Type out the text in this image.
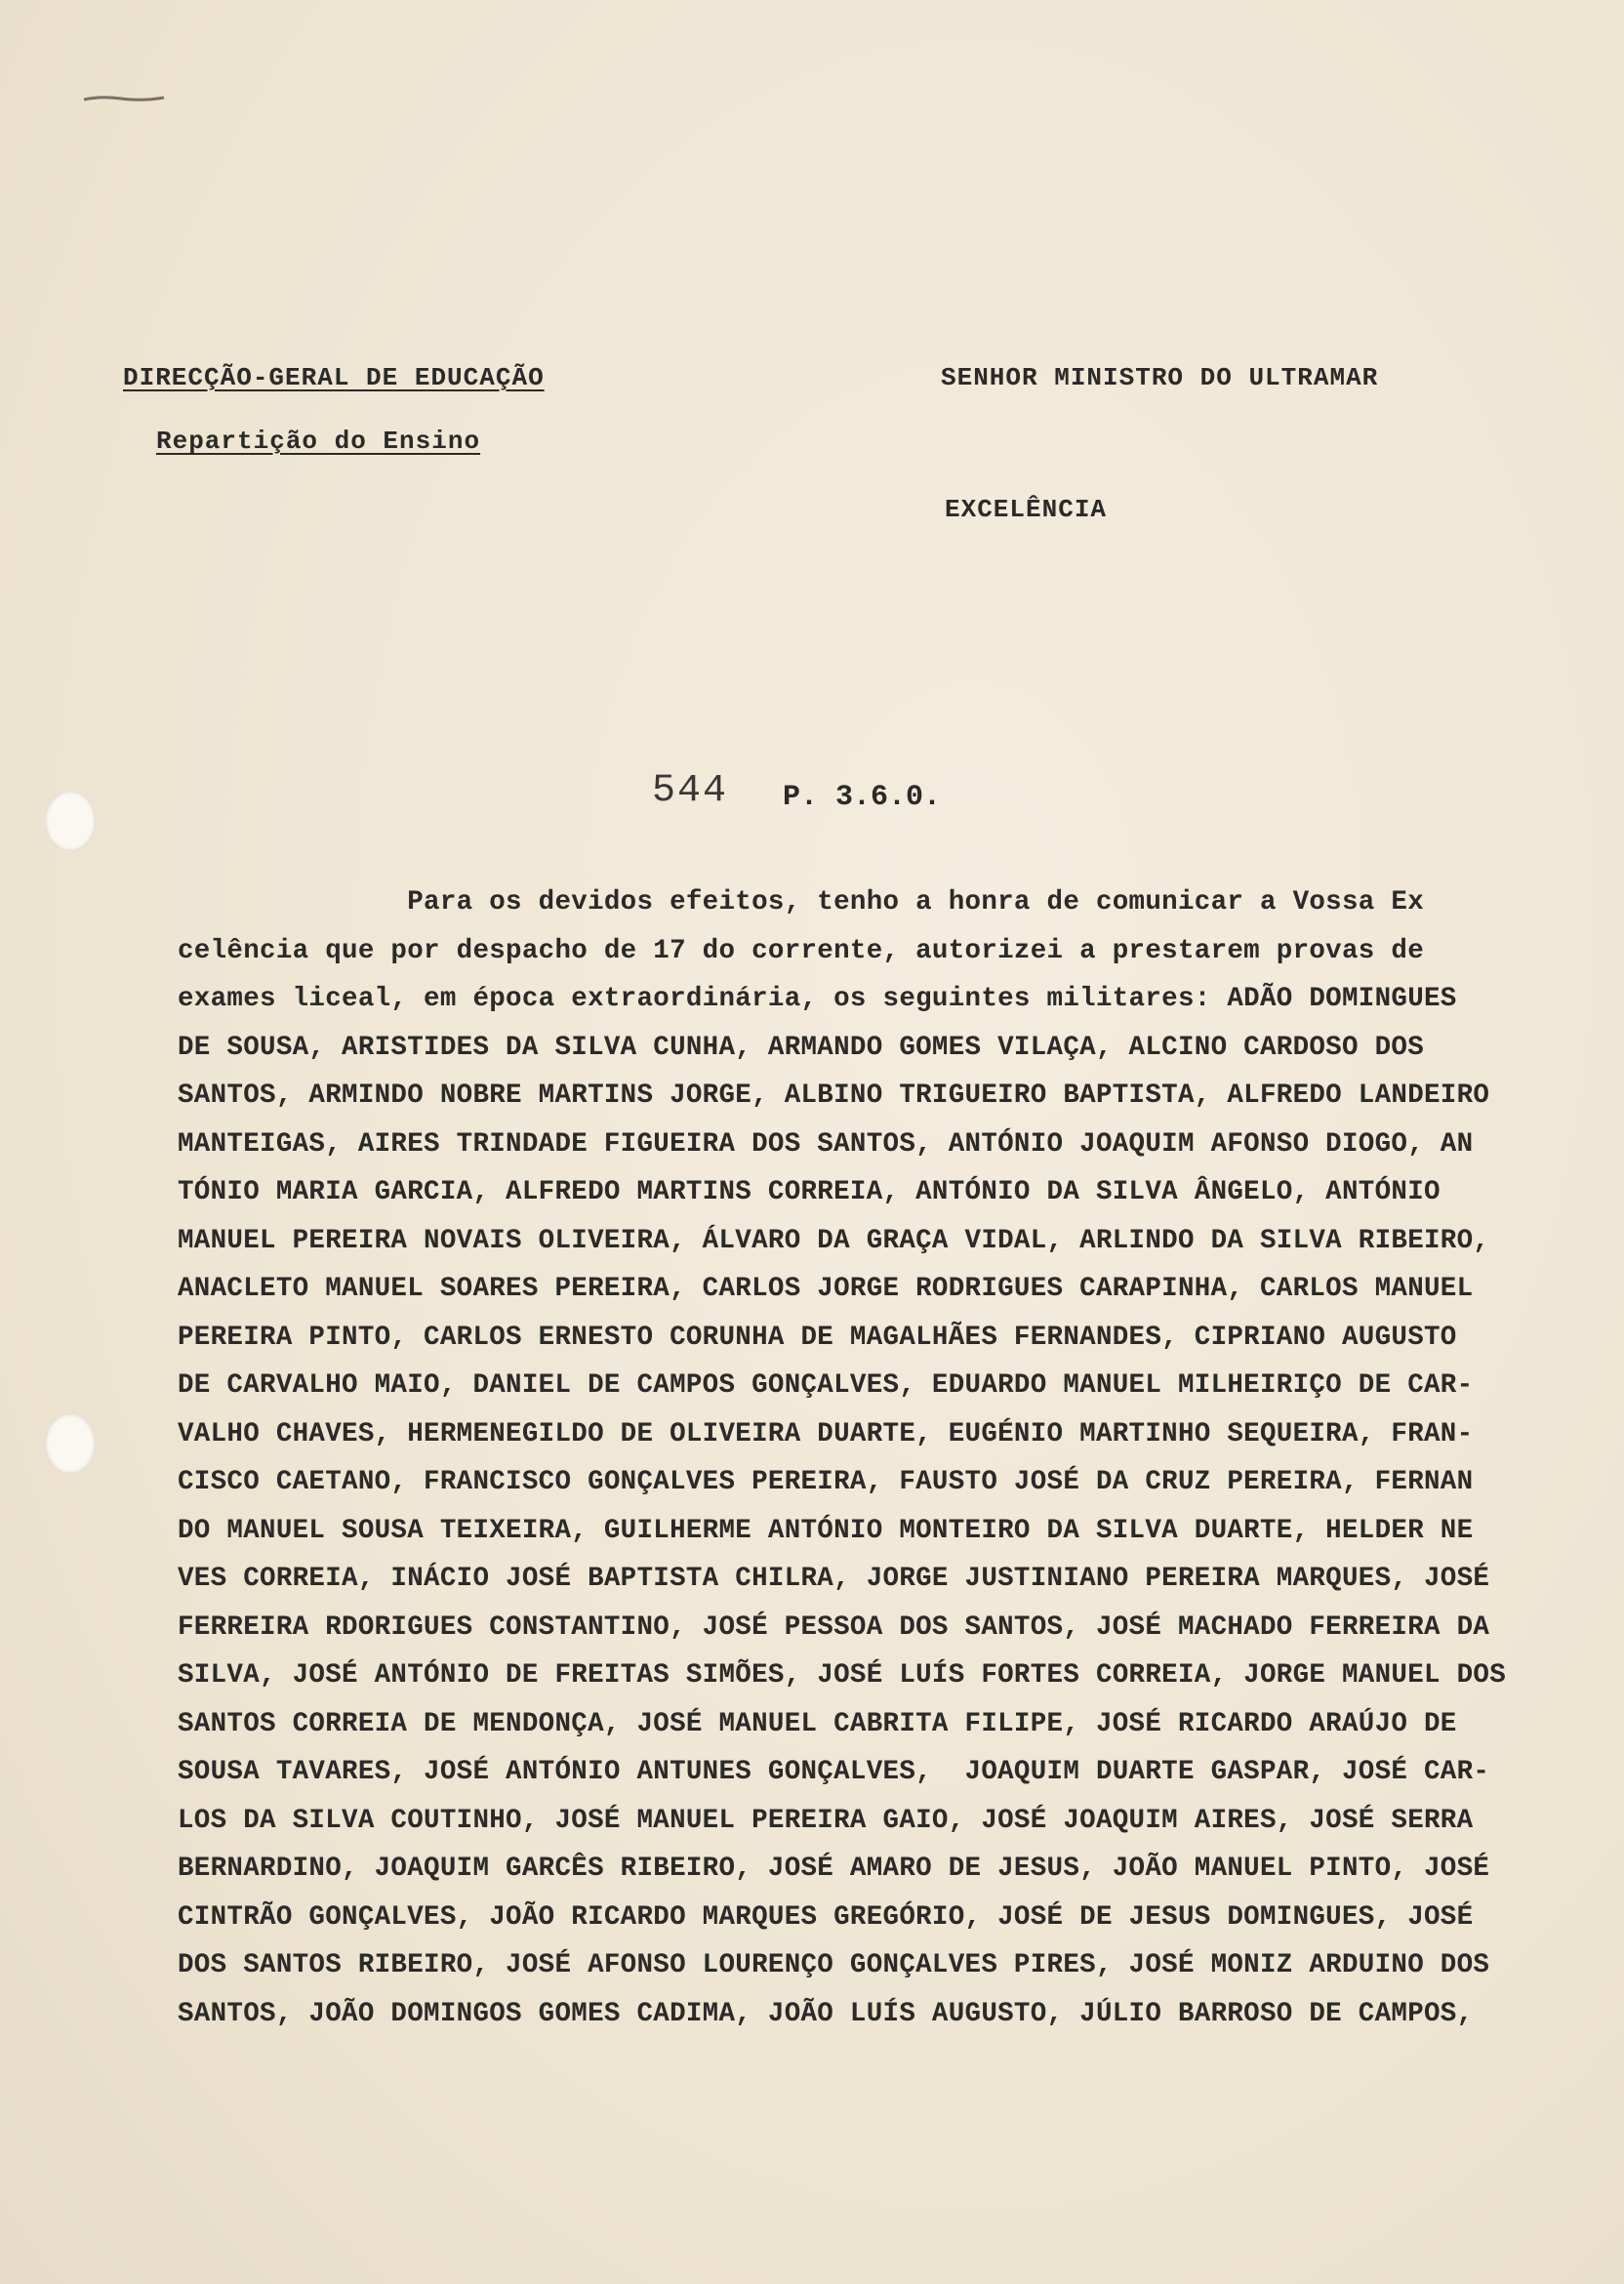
DIRECÇÃO-GERAL DE EDUCAÇÃO
Repartição do Ensino
SENHOR MINISTRO DO ULTRAMAR
EXCELÊNCIA
544 P. 3.6.0.
Para os devidos efeitos, tenho a honra de comunicar a Vossa Ex
celência que por despacho de 17 do corrente, autorizei a prestarem provas de
exames liceal, em época extraordinária, os seguintes militares: ADÃO DOMINGUES
DE SOUSA, ARISTIDES DA SILVA CUNHA, ARMANDO GOMES VILAÇA, ALCINO CARDOSO DOS
SANTOS, ARMINDO NOBRE MARTINS JORGE, ALBINO TRIGUEIRO BAPTISTA, ALFREDO LANDEIRO
MANTEIGAS, AIRES TRINDADE FIGUEIRA DOS SANTOS, ANTÓNIO JOAQUIM AFONSO DIOGO, AN
TÓNIO MARIA GARCIA, ALFREDO MARTINS CORREIA, ANTÓNIO DA SILVA ÂNGELO, ANTÓNIO
MANUEL PEREIRA NOVAIS OLIVEIRA, ÁLVARO DA GRAÇA VIDAL, ARLINDO DA SILVA RIBEIRO,
ANACLETO MANUEL SOARES PEREIRA, CARLOS JORGE RODRIGUES CARAPINHA, CARLOS MANUEL
PEREIRA PINTO, CARLOS ERNESTO CORUNHA DE MAGALHÃES FERNANDES, CIPRIANO AUGUSTO
DE CARVALHO MAIO, DANIEL DE CAMPOS GONÇALVES, EDUARDO MANUEL MILHEIRIÇO DE CAR-
VALHO CHAVES, HERMENEGILDO DE OLIVEIRA DUARTE, EUGÉNIO MARTINHO SEQUEIRA, FRAN-
CISCO CAETANO, FRANCISCO GONÇALVES PEREIRA, FAUSTO JOSÉ DA CRUZ PEREIRA, FERNAN
DO MANUEL SOUSA TEIXEIRA, GUILHERME ANTÓNIO MONTEIRO DA SILVA DUARTE, HELDER NE
VES CORREIA, INÁCIO JOSÉ BAPTISTA CHILRA, JORGE JUSTINIANO PEREIRA MARQUES, JOSÉ
FERREIRA RDORIGUES CONSTANTINO, JOSÉ PESSOA DOS SANTOS, JOSÉ MACHADO FERREIRA DA
SILVA, JOSÉ ANTÓNIO DE FREITAS SIMÕES, JOSÉ LUÍS FORTES CORREIA, JORGE MANUEL DOS
SANTOS CORREIA DE MENDONÇA, JOSÉ MANUEL CABRITA FILIPE, JOSÉ RICARDO ARAÚJO DE
SOUSA TAVARES, JOSÉ ANTÓNIO ANTUNES GONÇALVES,  JOAQUIM DUARTE GASPAR, JOSÉ CAR-
LOS DA SILVA COUTINHO, JOSÉ MANUEL PEREIRA GAIO, JOSÉ JOAQUIM AIRES, JOSÉ SERRA
BERNARDINO, JOAQUIM GARCÊS RIBEIRO, JOSÉ AMARO DE JESUS, JOÃO MANUEL PINTO, JOSÉ
CINTRÃO GONÇALVES, JOÃO RICARDO MARQUES GREGÓRIO, JOSÉ DE JESUS DOMINGUES, JOSÉ
DOS SANTOS RIBEIRO, JOSÉ AFONSO LOURENÇO GONÇALVES PIRES, JOSÉ MONIZ ARDUINO DOS
SANTOS, JOÃO DOMINGOS GOMES CADIMA, JOÃO LUÍS AUGUSTO, JÚLIO BARROSO DE CAMPOS,
